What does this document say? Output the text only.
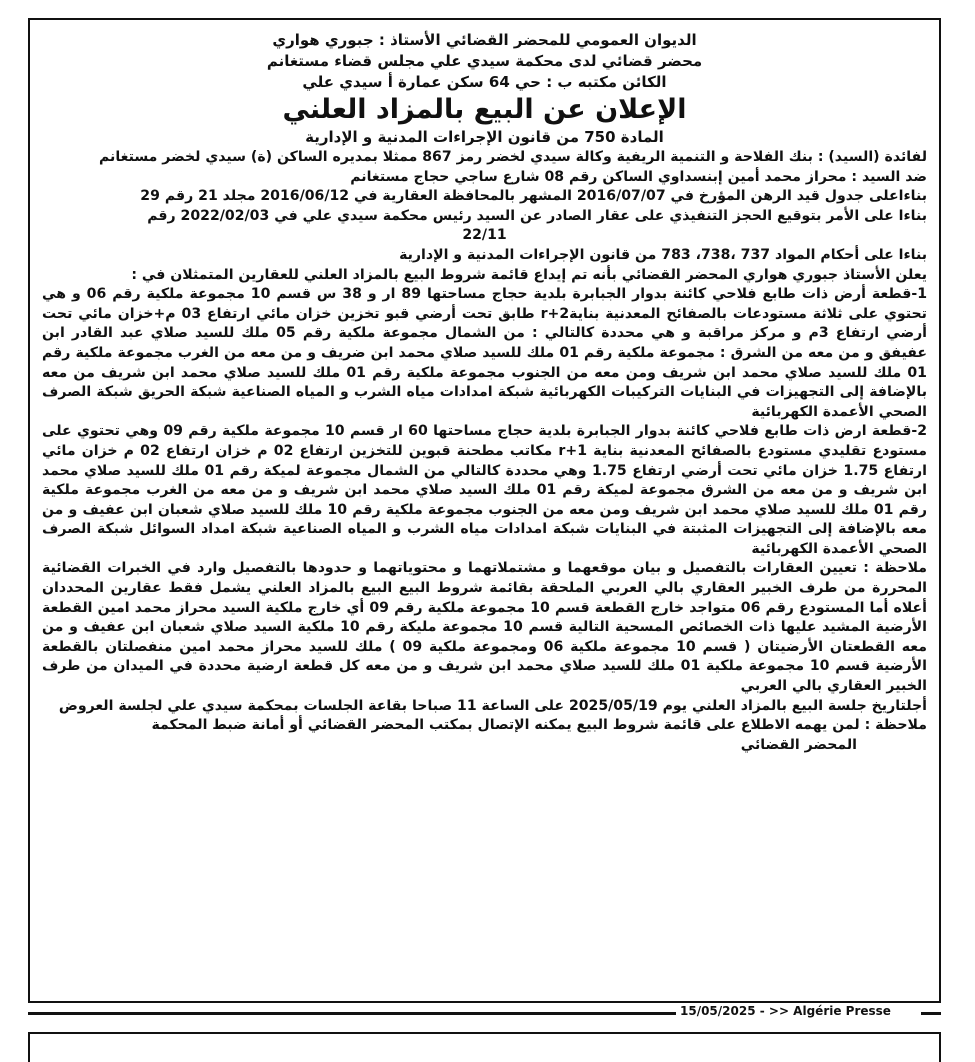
الديوان العمومي للمحضر القضائي الأستاذ : جبوري هواري

محضر قضائي لدى محكمة سيدي علي مجلس قضاء مستغانم

الكائن مكتبه ب : حي 64 سكن عمارة أ سيدي علي

الإعلان عن البيع بالمزاد العلني

المادة 750 من قانون الإجراءات المدنية و الإدارية

لفائدة (السيد) : بنك الفلاحة و التنمية الريفية وكالة سيدي لخضر رمز 867 ممثلا بمديره الساكن (ة) سيدي لخضر مستغانم

ضد السيد : محراز محمد أمين إبنسداوي الساكن رقم 08 شارع ساجي حجاج مستغانم

بناءاعلى جدول قيد الرهن المؤرخ في 2016/07/07 المشهر بالمحافظة العقارية في 2016/06/12 مجلد 21 رقم 29

بناءا على الأمر بتوقيع الحجز التنفيذي على عقار الصادر عن السيد رئيس محكمة سيدي علي في 2022/02/03 رقم

22/11

بناءا على أحكام المواد 737 ،738، 783 من قانون الإجراءات المدنية و الإدارية

يعلن الأستاذ جبوري هواري المحضر القضائي بأنه تم إيداع قائمة شروط البيع بالمزاد العلني للعقارين المتمثلان في :

1-قطعة أرض ذات طابع فلاحي كائنة بدوار الجبابرة بلدية حجاج مساحتها 89 ار و 38 س قسم 10 مجموعة ملكية رقم 06 و هي تحتوي على ثلاثة مستودعات بالصفائح المعدنية بناية2+r طابق تحت أرضي قبو تخزين خزان مائي ارتفاع 03 م+خزان مائي تحت أرضي ارتفاع 3م و مركز مراقبة و هي محددة كالتالي : من الشمال مجموعة ملكية رقم 05 ملك للسيد صلاي عبد القادر ابن عفيفق و من معه من الشرق : مجموعة ملكية رقم 01 ملك للسيد صلاي محمد ابن ضريف و من معه من الغرب مجموعة ملكية رقم 01 ملك للسيد صلاي محمد ابن شريف ومن معه من الجنوب مجموعة ملكية رقم 01 ملك للسيد صلاي محمد ابن شريف من معه بالإضافة إلى التجهيزات في البنايات التركيبات الكهربائية شبكة امدادات مياه الشرب و المياه الصناعية شبكة الحريق شبكة الصرف الصحي الأعمدة الكهربائية

2-قطعة ارض ذات طابع فلاحي كائنة بدوار الجبابرة بلدية حجاج مساحتها 60 ار قسم 10 مجموعة ملكية رقم 09 وهي تحتوي على مستودع تقليدي مستودع بالصفائح المعدنية بناية 1+r مكاتب مطحنة قبوين للتخزين ارتفاع 02 م خزان ارتفاع 02 م خزان مائي ارتفاع 1.75 خزان مائي تحت أرضي ارتفاع 1.75 وهي محددة كالتالي من الشمال مجموعة لميكة رقم 01 ملك للسيد صلاي محمد ابن شريف و من معه من الشرق مجموعة لميكة رقم 01 ملك السيد صلاي محمد ابن شريف و من معه من الغرب مجموعة ملكية رقم 01 ملك للسيد صلاي محمد ابن شريف ومن معه من الجنوب مجموعة ملكية رقم 10 ملك للسيد صلاي شعبان ابن عفيف و من معه بالإضافة إلى التجهيزات المثبتة في البنايات شبكة امدادات مياه الشرب و المياه الصناعية شبكة امداد السوائل شبكة الصرف الصحي الأعمدة الكهربائية

ملاحظة : تعيين العقارات بالتفصيل و بيان موقعهما و مشتملاتهما و محتوياتهما و حدودها بالتفصيل وارد في الخبرات القضائية المحررة من طرف الخبير العقاري بالي العربي الملحقة بقائمة شروط البيع البيع بالمزاد العلني يشمل فقط عقارين المحددان أعلاه أما المستودع رقم 06 متواجد خارج القطعة قسم 10 مجموعة ملكية رقم 09 أي خارج ملكية السيد محراز محمد امين القطعة الأرضية المشيد عليها ذات الخصائص المسحية التالية قسم 10 مجموعة مليكة رقم 10 ملكية السيد صلاي شعبان ابن عفيف و من معه القطعتان الأرضيتان ( قسم 10 مجموعة ملكية 06 ومجموعة ملكية 09 ) ملك للسيد محراز محمد امين منفصلتان بالقطعة الأرضية قسم 10 مجموعة ملكية 01 ملك للسيد صلاي محمد ابن شريف و من معه كل قطعة ارضية محددة في الميدان من طرف الخبير العقاري بالي العربي

أجلتاريخ جلسة البيع بالمزاد العلني يوم 2025/05/19 على الساعة 11 صباحا بقاعة الجلسات بمحكمة سيدي علي لجلسة العروض

ملاحظة : لمن يهمه الاطلاع على قائمة شروط البيع يمكنه الإتصال بمكتب المحضر القضائي أو أمانة ضبط المحكمة

المحضر القضائي

15/05/2025 - >> Algérie Presse
